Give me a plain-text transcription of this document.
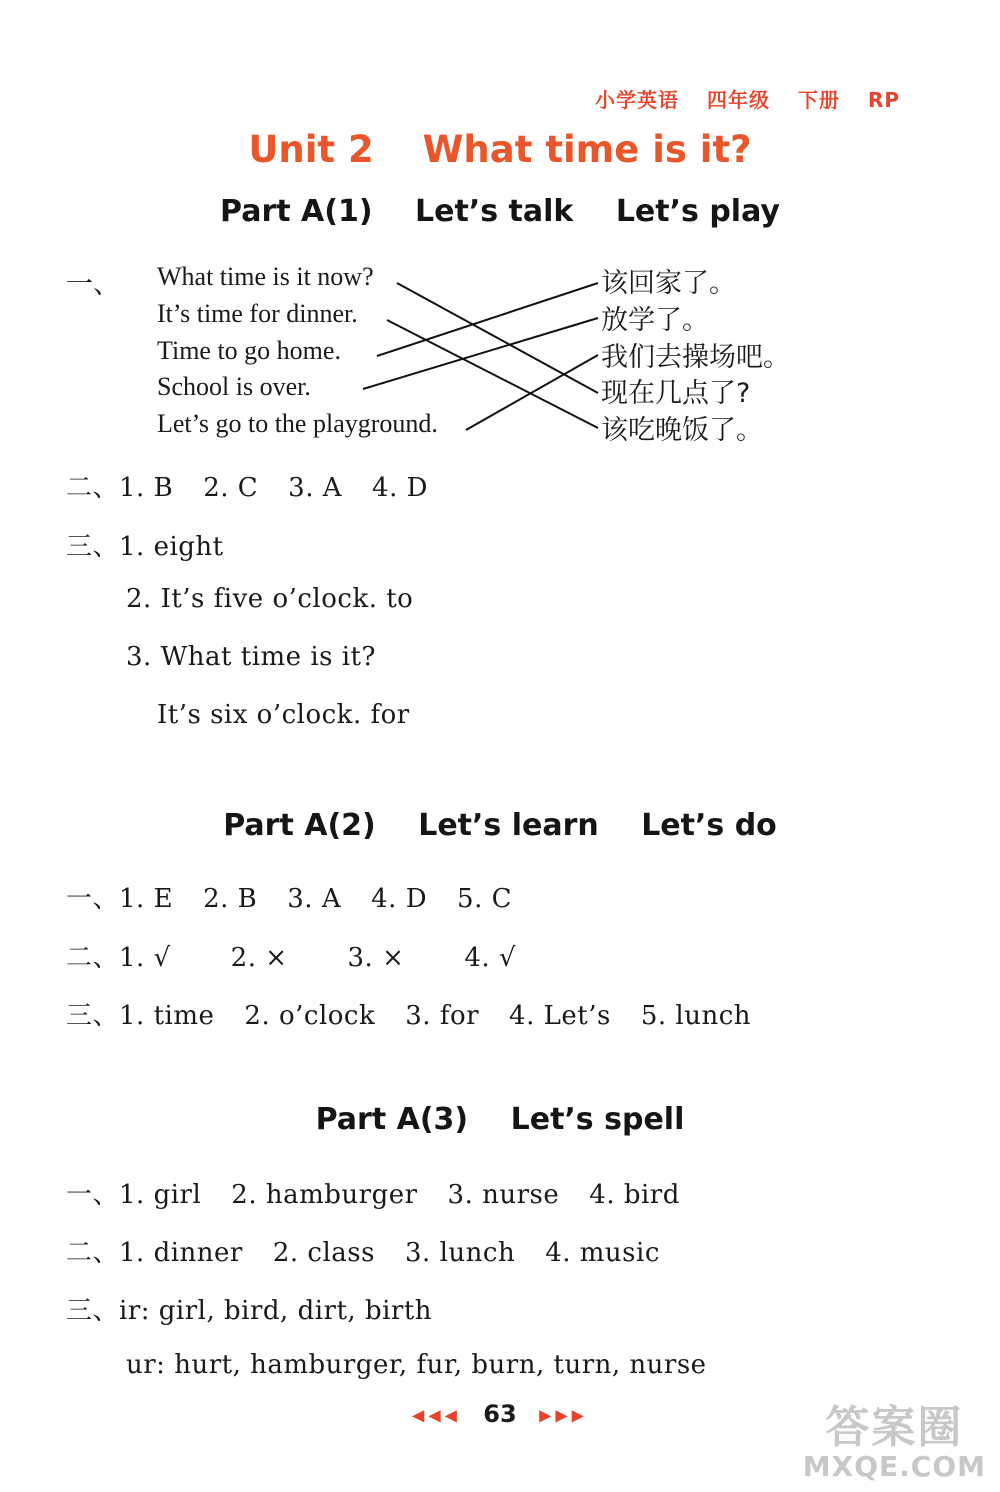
小学英语 四年级 下册 RP
Unit 2 What time is it?
Part A(1) Let’s talk Let’s play
一、 What time is it now?
It’s time for dinner.
Time to go home.
School is over.
Let’s go to the playground.
该回家了。
放学了。
我们去操场吧。
现在几点了?
该吃晚饭了。
二、1. B 2. C 3. A 4. D
三、1. eight
2. It’s five o’clock. to
3. What time is it?
It’s six o’clock. for
Part A(2) Let’s learn Let’s do
一、1. E 2. B 3. A 4. D 5. C
二、1. √ 2. × 3. × 4. √
三、1. time 2. o’clock 3. for 4. Let’s 5. lunch
Part A(3) Let’s spell
一、1. girl 2. hamburger 3. nurse 4. bird
二、1. dinner 2. class 3. lunch 4. music
三、ir: girl, bird, dirt, birth
ur: hurt, hamburger, fur, burn, turn, nurse
◀◀◀ 63 ▶▶▶	答案圈
MXQE.COM
